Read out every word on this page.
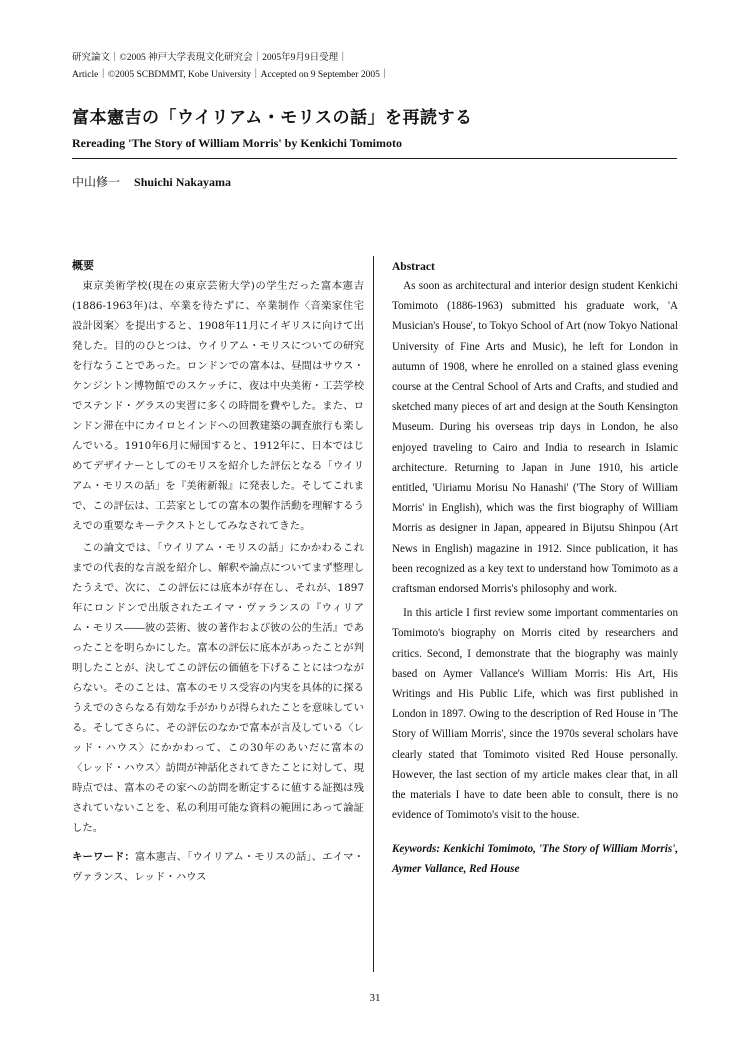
研究論文｜©2005 神戸大学表現文化研究会｜2005年9月9日受理｜
Article｜©2005 SCBDMMT, Kobe University｜Accepted on 9 September 2005｜
富本憲吉の「ウイリアム・モリスの話」を再読する
Rereading 'The Story of William Morris' by Kenkichi Tomimoto
中山修一 Shuichi Nakayama
概要

東京美術学校(現在の東京芸術大学)の学生だった富本憲吉(1886-1963年)は、卒業を待たずに、卒業制作〈音楽家住宅設計図案〉を提出すると、1908年11月にイギリスに向けて出発した。目的のひとつは、ウイリアム・モリスについての研究を行なうことであった。ロンドンでの富本は、昼間はサウス・ケンジントン博物館でのスケッチに、夜は中央美術・工芸学校でステンド・グラスの実習に多くの時間を費やした。また、ロンドン滞在中にカイロとインドへの回教建築の調査旅行も楽しんでいる。1910年6月に帰国すると、1912年に、日本ではじめてデザイナーとしてのモリスを紹介した評伝となる「ウイリアム・モリスの話」を『美術新報』に発表した。そしてこれまで、この評伝は、工芸家としての富本の製作活動を理解するうえでの重要なキーテクストとしてみなされてきた。

この論文では、「ウイリアム・モリスの話」にかかわるこれまでの代表的な言説を紹介し、解釈や論点についてまず整理したうえで、次に、この評伝には底本が存在し、それが、1897年にロンドンで出版されたエイマ・ヴァランスの『ウィリアム・モリス――彼の芸術、彼の著作および彼の公的生活』であったことを明らかにした。富本の評伝に底本があったことが判明したことが、決してこの評伝の価値を下げることにはつながらない。そのことは、富本のモリス受容の内実を具体的に探るうえでのさらなる有効な手がかりが得られたことを意味している。そしてさらに、その評伝のなかで富本が言及している〈レッド・ハウス〉にかかわって、この30年のあいだに富本の〈レッド・ハウス〉訪問が神話化されてきたことに対して、現時点では、富本のその家への訪問を断定するに値する証拠は残されていないことを、私の利用可能な資料の範囲にあって論証した。

キーワード：富本憲吉、「ウイリアム・モリスの話」、エイマ・ヴァランス、レッド・ハウス
Abstract

As soon as architectural and interior design student Kenkichi Tomimoto (1886-1963) submitted his graduate work, 'A Musician's House', to Tokyo School of Art (now Tokyo National University of Fine Arts and Music), he left for London in autumn of 1908, where he enrolled on a stained glass evening course at the Central School of Arts and Crafts, and studied and sketched many pieces of art and design at the South Kensington Museum. During his overseas trip days in London, he also enjoyed traveling to Cairo and India to research in Islamic architecture. Returning to Japan in June 1910, his article entitled, 'Uiriamu Morisu No Hanashi' ('The Story of William Morris' in English), which was the first biography of William Morris as designer in Japan, appeared in Bijutsu Shinpou (Art News in English) magazine in 1912. Since publication, it has been recognized as a key text to understand how Tomimoto as a craftsman endorsed Morris's philosophy and work.

In this article I first review some important commentaries on Tomimoto's biography on Morris cited by researchers and critics. Second, I demonstrate that the biography was mainly based on Aymer Vallance's William Morris: His Art, His Writings and His Public Life, which was first published in London in 1897. Owing to the description of Red House in 'The Story of William Morris', since the 1970s several scholars have clearly stated that Tomimoto visited Red House personally. However, the last section of my article makes clear that, in all the materials I have to date been able to consult, there is no evidence of Tomimoto's visit to the house.

Keywords: Kenkichi Tomimoto, 'The Story of William Morris', Aymer Vallance, Red House
31
